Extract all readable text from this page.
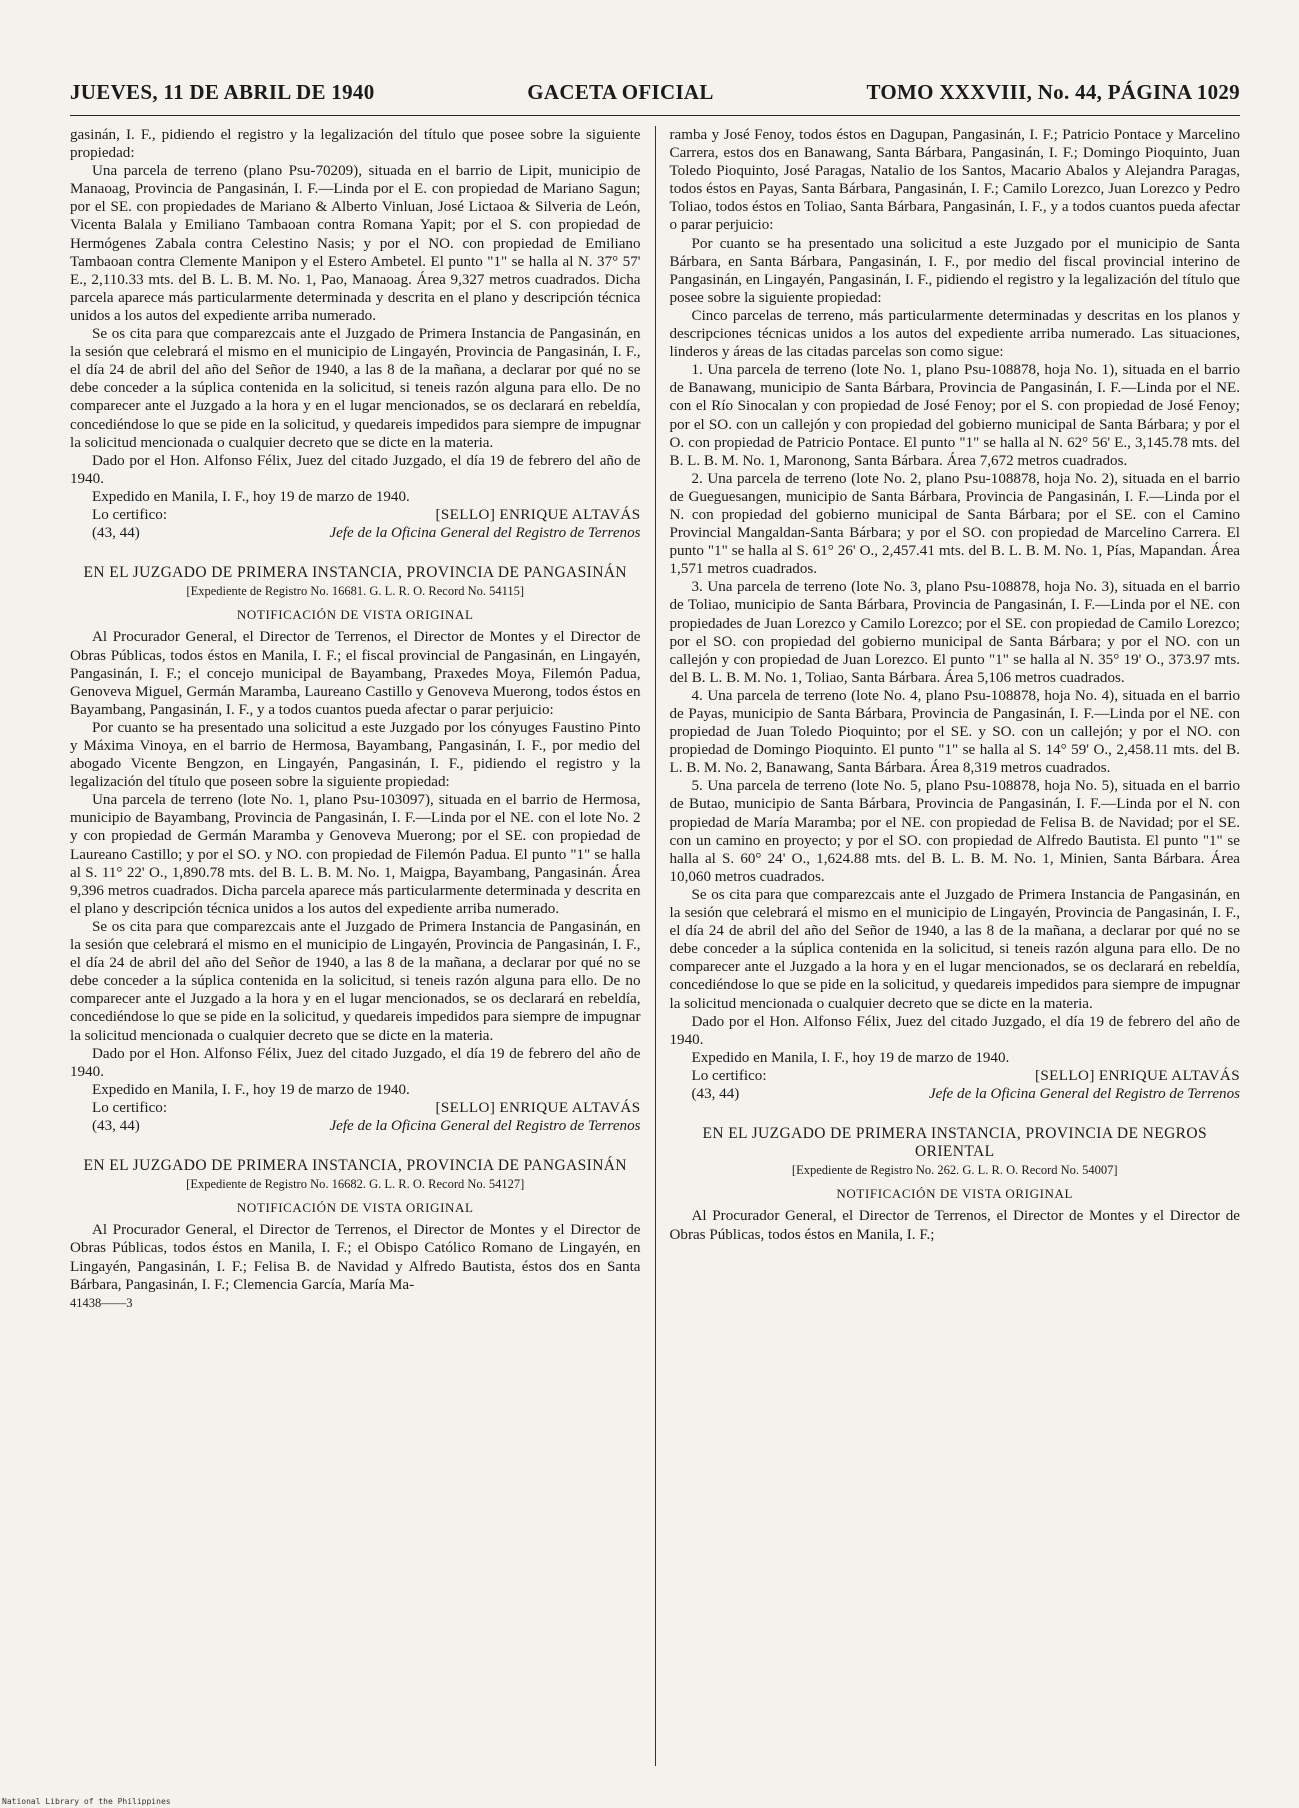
JUEVES, 11 DE ABRIL DE 1940	GACETA OFICIAL	TOMO XXXVIII, No. 44, PÁGINA 1029

gasinán, I. F., pidiendo el registro y la legalización del título que posee sobre la siguiente propiedad:

Una parcela de terreno (plano Psu-70209), situada en el barrio de Lipit, municipio de Manaoag, Provincia de Pangasinán, I. F.—Linda por el E. con propiedad de Mariano Sagun; por el SE. con propiedades de Mariano & Alberto Vinluan, José Lictaoa & Silveria de León, Vicenta Balala y Emiliano Tambaoan contra Romana Yapit; por el S. con propiedad de Hermógenes Zabala contra Celestino Nasis; y por el NO. con propiedad de Emiliano Tambaoan contra Clemente Manipon y el Estero Ambetel. El punto "1" se halla al N. 37° 57' E., 2,110.33 mts. del B. L. B. M. No. 1, Pao, Manaoag. Área 9,327 metros cuadrados. Dicha parcela aparece más particularmente determinada y descrita en el plano y descripción técnica unidos a los autos del expediente arriba numerado.

Se os cita para que comparezcais ante el Juzgado de Primera Instancia de Pangasinán, en la sesión que celebrará el mismo en el municipio de Lingayén, Provincia de Pangasinán, I. F., el día 24 de abril del año del Señor de 1940, a las 8 de la mañana, a declarar por qué no se debe conceder a la súplica contenida en la solicitud, si teneis razón alguna para ello. De no comparecer ante el Juzgado a la hora y en el lugar mencionados, se os declarará en rebeldía, concediéndose lo que se pide en la solicitud, y quedareis impedidos para siempre de impugnar la solicitud mencionada o cualquier decreto que se dicte en la materia.

Dado por el Hon. Alfonso Félix, Juez del citado Juzgado, el día 19 de febrero del año de 1940.

Expedido en Manila, I. F., hoy 19 de marzo de 1940.

Lo certifico:	[SELLO] ENRIQUE ALTAVÁS
(43, 44)	Jefe de la Oficina General del Registro de Terrenos

EN EL JUZGADO DE PRIMERA INSTANCIA, PROVINCIA DE PANGASINÁN

[Expediente de Registro No. 16681. G. L. R. O. Record No. 54115]

NOTIFICACIÓN DE VISTA ORIGINAL

Al Procurador General, el Director de Terrenos, el Director de Montes y el Director de Obras Públicas, todos éstos en Manila, I. F.; el fiscal provincial de Pangasinán, en Lingayén, Pangasinán, I. F.; el concejo municipal de Bayambang, Praxedes Moya, Filemón Padua, Genoveva Miguel, Germán Maramba, Laureano Castillo y Genoveva Muerong, todos éstos en Bayambang, Pangasinán, I. F., y a todos cuantos pueda afectar o parar perjuicio:

Por cuanto se ha presentado una solicitud a este Juzgado por los cónyuges Faustino Pinto y Máxima Vinoya, en el barrio de Hermosa, Bayambang, Pangasinán, I. F., por medio del abogado Vicente Bengzon, en Lingayén, Pangasinán, I. F., pidiendo el registro y la legalización del título que poseen sobre la siguiente propiedad:

Una parcela de terreno (lote No. 1, plano Psu-103097), situada en el barrio de Hermosa, municipio de Bayambang, Provincia de Pangasinán, I. F.—Linda por el NE. con el lote No. 2 y con propiedad de Germán Maramba y Genoveva Muerong; por el SE. con propiedad de Laureano Castillo; y por el SO. y NO. con propiedad de Filemón Padua. El punto "1" se halla al S. 11° 22' O., 1,890.78 mts. del B. L. B. M. No. 1, Maigpa, Bayambang, Pangasinán. Área 9,396 metros cuadrados. Dicha parcela aparece más particularmente determinada y descrita en el plano y descripción técnica unidos a los autos del expediente arriba numerado.

Se os cita para que comparezcais ante el Juzgado de Primera Instancia de Pangasinán, en la sesión que celebrará el mismo en el municipio de Lingayén, Provincia de Pangasinán, I. F., el día 24 de abril del año del Señor de 1940, a las 8 de la mañana, a declarar por qué no se debe conceder a la súplica contenida en la solicitud, si teneis razón alguna para ello. De no comparecer ante el Juzgado a la hora y en el lugar mencionados, se os declarará en rebeldía, concediéndose lo que se pide en la solicitud, y quedareis impedidos para siempre de impugnar la solicitud mencionada o cualquier decreto que se dicte en la materia.

Dado por el Hon. Alfonso Félix, Juez del citado Juzgado, el día 19 de febrero del año de 1940.

Expedido en Manila, I. F., hoy 19 de marzo de 1940.

Lo certifico:	[SELLO] ENRIQUE ALTAVÁS
(43, 44)	Jefe de la Oficina General del Registro de Terrenos

EN EL JUZGADO DE PRIMERA INSTANCIA, PROVINCIA DE PANGASINÁN

[Expediente de Registro No. 16682. G. L. R. O. Record No. 54127]

NOTIFICACIÓN DE VISTA ORIGINAL

Al Procurador General, el Director de Terrenos, el Director de Montes y el Director de Obras Públicas, todos éstos en Manila, I. F.; el Obispo Católico Romano de Lingayén, en Lingayén, Pangasinán, I. F.; Felisa B. de Navidad y Alfredo Bautista, éstos dos en Santa Bárbara, Pangasinán, I. F.; Clemencia García, María Ma-

41438——3

ramba y José Fenoy, todos éstos en Dagupan, Pangasinán, I. F.; Patricio Pontace y Marcelino Carrera, estos dos en Banawang, Santa Bárbara, Pangasinán, I. F.; Domingo Pioquinto, Juan Toledo Pioquinto, José Paragas, Natalio de los Santos, Macario Abalos y Alejandra Paragas, todos éstos en Payas, Santa Bárbara, Pangasinán, I. F.; Camilo Lorezco, Juan Lorezco y Pedro Toliao, todos éstos en Toliao, Santa Bárbara, Pangasinán, I. F., y a todos cuantos pueda afectar o parar perjuicio:

Por cuanto se ha presentado una solicitud a este Juzgado por el municipio de Santa Bárbara, en Santa Bárbara, Pangasinán, I. F., por medio del fiscal provincial interino de Pangasinán, en Lingayén, Pangasinán, I. F., pidiendo el registro y la legalización del título que posee sobre la siguiente propiedad:

Cinco parcelas de terreno, más particularmente determinadas y descritas en los planos y descripciones técnicas unidos a los autos del expediente arriba numerado. Las situaciones, linderos y áreas de las citadas parcelas son como sigue:

1. Una parcela de terreno (lote No. 1, plano Psu-108878, hoja No. 1), situada en el barrio de Banawang, municipio de Santa Bárbara, Provincia de Pangasinán, I. F.—Linda por el NE. con el Río Sinocalan y con propiedad de José Fenoy; por el S. con propiedad de José Fenoy; por el SO. con un callejón y con propiedad del gobierno municipal de Santa Bárbara; y por el O. con propiedad de Patricio Pontace. El punto "1" se halla al N. 62° 56' E., 3,145.78 mts. del B. L. B. M. No. 1, Maronong, Santa Bárbara. Área 7,672 metros cuadrados.

2. Una parcela de terreno (lote No. 2, plano Psu-108878, hoja No. 2), situada en el barrio de Gueguesangen, municipio de Santa Bárbara, Provincia de Pangasinán, I. F.—Linda por el N. con propiedad del gobierno municipal de Santa Bárbara; por el SE. con el Camino Provincial Mangaldan-Santa Bárbara; y por el SO. con propiedad de Marcelino Carrera. El punto "1" se halla al S. 61° 26' O., 2,457.41 mts. del B. L. B. M. No. 1, Pías, Mapandan. Área 1,571 metros cuadrados.

3. Una parcela de terreno (lote No. 3, plano Psu-108878, hoja No. 3), situada en el barrio de Toliao, municipio de Santa Bárbara, Provincia de Pangasinán, I. F.—Linda por el NE. con propiedades de Juan Lorezco y Camilo Lorezco; por el SE. con propiedad de Camilo Lorezco; por el SO. con propiedad del gobierno municipal de Santa Bárbara; y por el NO. con un callejón y con propiedad de Juan Lorezco. El punto "1" se halla al N. 35° 19' O., 373.97 mts. del B. L. B. M. No. 1, Toliao, Santa Bárbara. Área 5,106 metros cuadrados.

4. Una parcela de terreno (lote No. 4, plano Psu-108878, hoja No. 4), situada en el barrio de Payas, municipio de Santa Bárbara, Provincia de Pangasinán, I. F.—Linda por el NE. con propiedad de Juan Toledo Pioquinto; por el SE. y SO. con un callejón; y por el NO. con propiedad de Domingo Pioquinto. El punto "1" se halla al S. 14° 59' O., 2,458.11 mts. del B. L. B. M. No. 2, Banawang, Santa Bárbara. Área 8,319 metros cuadrados.

5. Una parcela de terreno (lote No. 5, plano Psu-108878, hoja No. 5), situada en el barrio de Butao, municipio de Santa Bárbara, Provincia de Pangasinán, I. F.—Linda por el N. con propiedad de María Maramba; por el NE. con propiedad de Felisa B. de Navidad; por el SE. con un camino en proyecto; y por el SO. con propiedad de Alfredo Bautista. El punto "1" se halla al S. 60° 24' O., 1,624.88 mts. del B. L. B. M. No. 1, Minien, Santa Bárbara. Área 10,060 metros cuadrados.

Se os cita para que comparezcais ante el Juzgado de Primera Instancia de Pangasinán, en la sesión que celebrará el mismo en el municipio de Lingayén, Provincia de Pangasinán, I. F., el día 24 de abril del año del Señor de 1940, a las 8 de la mañana, a declarar por qué no se debe conceder a la súplica contenida en la solicitud, si teneis razón alguna para ello. De no comparecer ante el Juzgado a la hora y en el lugar mencionados, se os declarará en rebeldía, concediéndose lo que se pide en la solicitud, y quedareis impedidos para siempre de impugnar la solicitud mencionada o cualquier decreto que se dicte en la materia.

Dado por el Hon. Alfonso Félix, Juez del citado Juzgado, el día 19 de febrero del año de 1940.

Expedido en Manila, I. F., hoy 19 de marzo de 1940.

Lo certifico:	[SELLO] ENRIQUE ALTAVÁS
(43, 44)	Jefe de la Oficina General del Registro de Terrenos

EN EL JUZGADO DE PRIMERA INSTANCIA, PROVINCIA DE NEGROS ORIENTAL

[Expediente de Registro No. 262. G. L. R. O. Record No. 54007]

NOTIFICACIÓN DE VISTA ORIGINAL

Al Procurador General, el Director de Terrenos, el Director de Montes y el Director de Obras Públicas, todos éstos en Manila, I. F.;

National Library of the Philippines
